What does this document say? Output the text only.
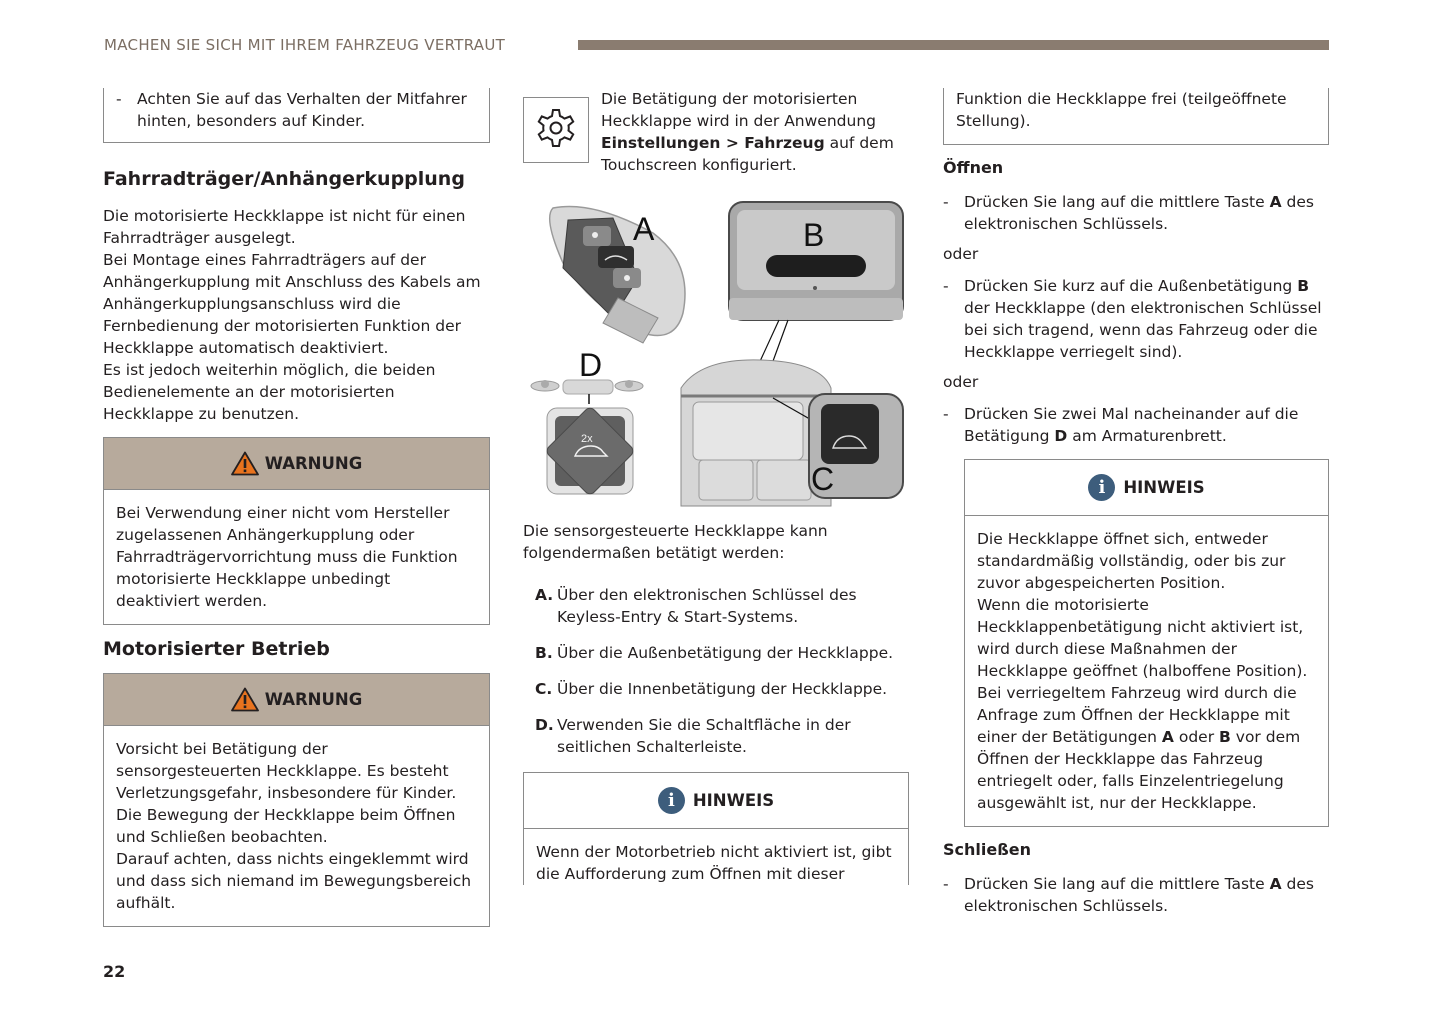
MACHEN SIE SICH MIT IHREM FAHRZEUG VERTRAUT
- Achten Sie auf das Verhalten der Mitfahrer hinten, besonders auf Kinder.
Fahrradträger/Anhängerkupplung

Die motorisierte Heckklappe ist nicht für einen Fahrradträger ausgelegt.

Bei Montage eines Fahrradträgers auf der Anhängerkupplung mit Anschluss des Kabels am Anhängerkupplungsanschluss wird die Fernbedienung der motorisierten Funktion der Heckklappe automatisch deaktiviert.

Es ist jedoch weiterhin möglich, die beiden Bedienelemente an der motorisierten Heckklappe zu benutzen.

WARNUNG

Bei Verwendung einer nicht vom Hersteller zugelassenen Anhängerkupplung oder Fahrradträgervorrichtung muss die Funktion motorisierte Heckklappe unbedingt deaktiviert werden.

Motorisierter Betrieb
WARNUNG

Vorsicht bei Betätigung der sensorgesteuerten Heckklappe. Es besteht Verletzungsgefahr, insbesondere für Kinder.

Die Bewegung der Heckklappe beim Öffnen und Schließen beobachten.

Darauf achten, dass nichts eingeklemmt wird und dass sich niemand im Bewegungsbereich aufhält.

Die Betätigung der motorisierten Heckklappe wird in der Anwendung Einstellungen > Fahrzeug auf dem Touchscreen konfiguriert.
A	B
D
2x
C

Die sensorgesteuerte Heckklappe kann folgendermaßen betätigt werden:

A. Über den elektronischen Schlüssel des Keyless-Entry & Start-Systems.
B. Über die Außenbetätigung der Heckklappe.
C. Über die Innenbetätigung der Heckklappe.
D. Verwenden Sie die Schaltfläche in der seitlichen Schalterleiste.
i	HINWEIS

Wenn der Motorbetrieb nicht aktiviert ist, gibt die Aufforderung zum Öffnen mit dieser

Funktion die Heckklappe frei (teilgeöffnete Stellung).

Öffnen
- Drücken Sie lang auf die mittlere Taste A des elektronischen Schlüssels.

oder

- Drücken Sie kurz auf die Außenbetätigung B der Heckklappe (den elektronischen Schlüssel bei sich tragend, wenn das Fahrzeug oder die Heckklappe verriegelt sind).

oder

- Drücken Sie zwei Mal nacheinander auf die Betätigung D am Armaturenbrett.
i	HINWEIS

Die Heckklappe öffnet sich, entweder standardmäßig vollständig, oder bis zur zuvor abgespeicherten Position.

Wenn die motorisierte Heckklappenbetätigung nicht aktiviert ist, wird durch diese Maßnahmen der Heckklappe geöffnet (halboffene Position).

Bei verriegeltem Fahrzeug wird durch die Anfrage zum Öffnen der Heckklappe mit einer der Betätigungen A oder B vor dem Öffnen der Heckklappe das Fahrzeug entriegelt oder, falls Einzelentriegelung ausgewählt ist, nur der Heckklappe.

Schließen
- Drücken Sie lang auf die mittlere Taste A des elektronischen Schlüssels.
22
